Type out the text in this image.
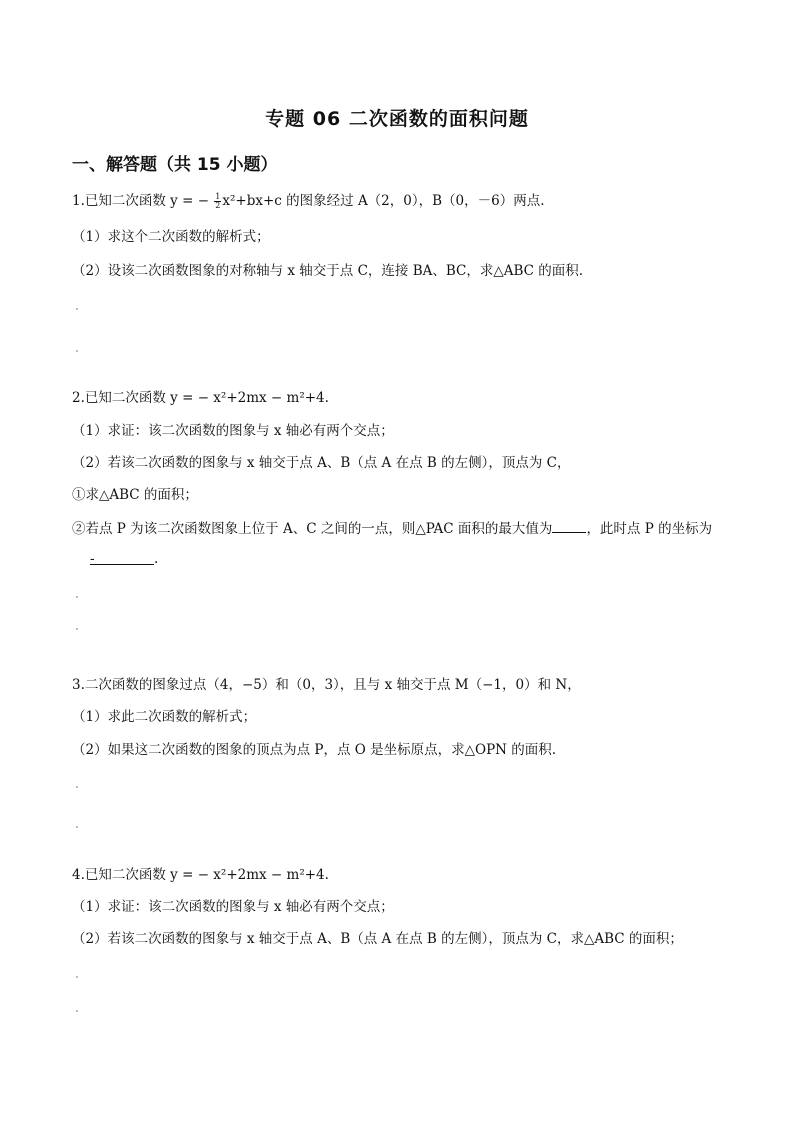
专题 06 二次函数的面积问题
一、解答题（共 15 小题）
1.已知二次函数 y = − $\frac{1}{2} x^2+bx+c$ 的图象经过 A（2，0），B（0，－6）两点.
（1）求这个二次函数的解析式；
（2）设该二次函数图象的对称轴与 x 轴交于点 C，连接 BA、BC，求△ABC 的面积.
2.已知二次函数 y = − x²+2mx − m²+4.
（1）求证：该二次函数的图象与 x 轴必有两个交点；
（2）若该二次函数的图象与 x 轴交于点 A、B（点 A 在点 B 的左侧），顶点为 C，
①求△ABC 的面积；
②若点 P 为该二次函数图象上位于 A、C 之间的一点，则△PAC 面积的最大值为	，此时点 P 的坐标为
-	.
3.二次函数的图象过点（4，−5）和（0，3），且与 x 轴交于点 M（−1，0）和 N，
（1）求此二次函数的解析式；
（2）如果这二次函数的图象的顶点为点 P，点 O 是坐标原点，求△OPN 的面积.
4.已知二次函数 y = − x²+2mx − m²+4.
（1）求证：该二次函数的图象与 x 轴必有两个交点；
（2）若该二次函数的图象与 x 轴交于点 A、B（点 A 在点 B 的左侧），顶点为 C，求△ABC 的面积；
